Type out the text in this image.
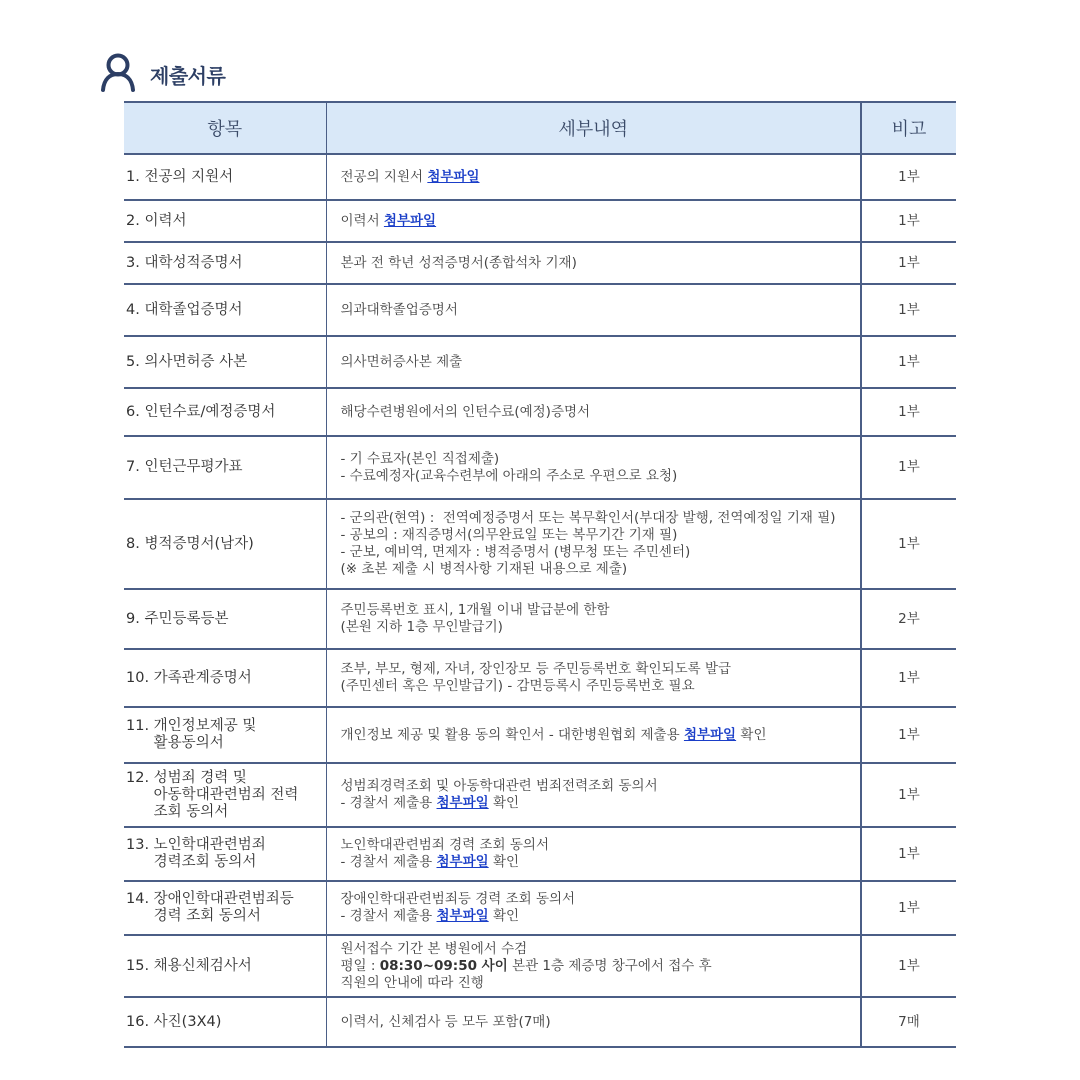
제출서류
항목	세부내역	비고

1. 전공의 지원서	전공의 지원서 첨부파일	1부

2. 이력서	이력서 첨부파일	1부

3. 대학성적증명서	본과 전 학년 성적증명서(종합석차 기재)	1부

4. 대학졸업증명서	의과대학졸업증명서	1부

5. 의사면허증 사본	의사면허증사본 제출	1부

6. 인턴수료/예정증명서	해당수련병원에서의 인턴수료(예정)증명서	1부

7. 인턴근무평가표	- 기 수료자(본인 직접제출)
- 수료예정자(교육수련부에 아래의 주소로 우편으로 요청)	1부

8. 병적증명서(남자)	- 군의관(현역) :  전역예정증명서 또는 복무확인서(부대장 발행, 전역예정일 기재 필)
- 공보의 : 재직증명서(의무완료일 또는 복무기간 기재 필)
- 군보, 예비역, 면제자 : 병적증명서 (병무청 또는 주민센터)
(※ 초본 제출 시 병적사항 기재된 내용으로 제출)	1부

9. 주민등록등본	주민등록번호 표시, 1개월 이내 발급분에 한함
(본원 지하 1층 무인발급기)	2부

10. 가족관계증명서	조부, 부모, 형제, 자녀, 장인장모 등 주민등록번호 확인되도록 발급
(주민센터 혹은 무인발급기) - 감면등록시 주민등록번호 필요	1부

11. 개인정보제공 및
활용동의서	개인정보 제공 및 활용 동의 확인서 - 대한병원협회 제출용 첨부파일 확인	1부

12. 성범죄 경력 및
아동학대관련범죄 전력
조회 동의서	성범죄경력조회 및 아동학대관련 범죄전력조회 동의서
- 경찰서 제출용 첨부파일 확인	1부

13. 노인학대관련범죄
경력조회 동의서	노인학대관련범죄 경력 조회 동의서
- 경찰서 제출용 첨부파일 확인	1부

14. 장애인학대관련범죄등
경력 조회 동의서	장애인학대관련범죄등 경력 조회 동의서
- 경찰서 제출용 첨부파일 확인	1부

15. 채용신체검사서	원서접수 기간 본 병원에서 수검
평일 : 08:30~09:50 사이 본관 1층 제증명 창구에서 접수 후
직원의 안내에 따라 진행	1부

16. 사진(3X4)	이력서, 신체검사 등 모두 포함(7매)	7매
